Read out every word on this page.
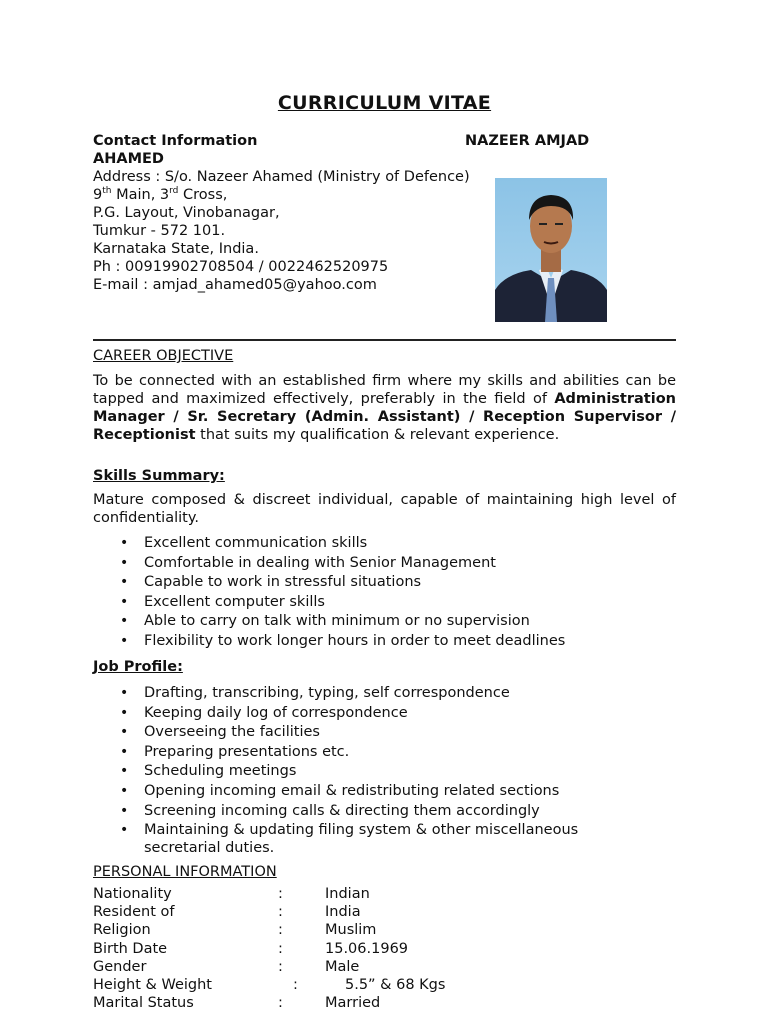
CURRICULUM VITAE
Contact Information	NAZEER AMJAD
AHAMED
Address : S/o. Nazeer Ahamed (Ministry of Defence)
9th Main, 3rd Cross,
P.G. Layout, Vinobanagar,
Tumkur - 572 101.
Karnataka State, India.
Ph : 00919902708504 / 0022462520975
E-mail : amjad_ahamed05@yahoo.com
CAREER OBJECTIVE
To be connected with an established firm where my skills and abilities can be tapped and maximized effectively, preferably in the field of Administration Manager / Sr. Secretary (Admin. Assistant) / Reception Supervisor / Receptionist that suits my qualification & relevant experience.
Skills Summary:
Mature composed & discreet individual, capable of maintaining high level of confidentiality.
• Excellent communication skills
• Comfortable in dealing with Senior Management
• Capable to work in stressful situations
• Excellent computer skills
• Able to carry on talk with minimum or no supervision
• Flexibility to work longer hours in order to meet deadlines
Job Profile:
• Drafting, transcribing, typing, self correspondence
• Keeping daily log of correspondence
• Overseeing the facilities
• Preparing presentations etc.
• Scheduling meetings
• Opening incoming email & redistributing related sections
• Screening incoming calls & directing them accordingly
• Maintaining & updating filing system & other miscellaneous secretarial duties.
PERSONAL INFORMATION
Nationality	:	Indian
Resident of	:	India
Religion	:	Muslim
Birth Date	:	15.06.1969
Gender	:	Male
Height & Weight	:	5.5” & 68 Kgs
Marital Status	:	Married
